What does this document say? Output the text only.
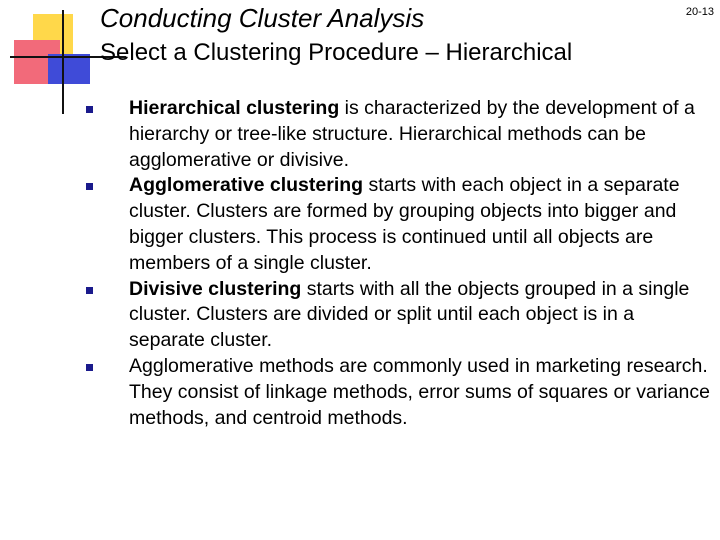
20-13
Conducting Cluster Analysis
Select a Clustering Procedure – Hierarchical
Hierarchical clustering is characterized by the development of a hierarchy or tree-like structure. Hierarchical methods can be agglomerative or divisive.
Agglomerative clustering starts with each object in a separate cluster. Clusters are formed by grouping objects into bigger and bigger clusters. This process is continued until all objects are members of a single cluster.
Divisive clustering starts with all the objects grouped in a single cluster. Clusters are divided or split until each object is in a separate cluster.
Agglomerative methods are commonly used in marketing research. They consist of linkage methods, error sums of squares or variance methods, and centroid methods.
